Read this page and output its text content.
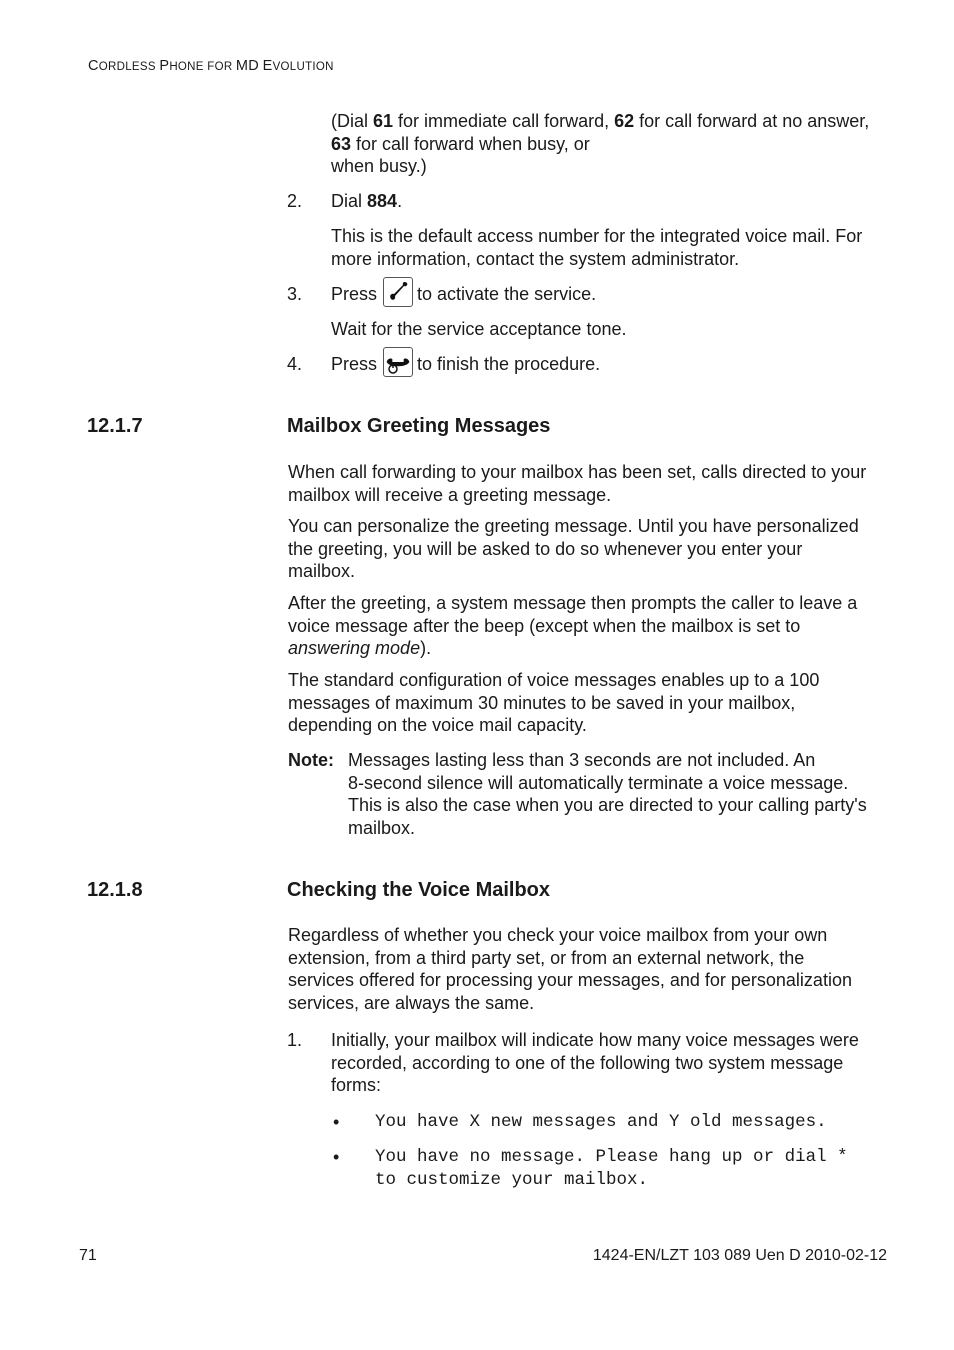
CORDLESS PHONE FOR MD EVOLUTION
(Dial 61 for immediate call forward, 62 for call forward at no answer,
63 for call forward when busy, or
when busy.)
2. Dial 884.
This is the default access number for the integrated voice mail. For
more information, contact the system administrator.
3. Press to activate the service.
Wait for the service acceptance tone.
4. Press to finish the procedure.
12.1.7	Mailbox Greeting Messages
When call forwarding to your mailbox has been set, calls directed to your
mailbox will receive a greeting message.
You can personalize the greeting message. Until you have personalized
the greeting, you will be asked to do so whenever you enter your
mailbox.
After the greeting, a system message then prompts the caller to leave a
voice message after the beep (except when the mailbox is set to
answering mode).
The standard configuration of voice messages enables up to a 100
messages of maximum 30 minutes to be saved in your mailbox,
depending on the voice mail capacity.
Note: Messages lasting less than 3 seconds are not included. An
8-second silence will automatically terminate a voice message.
This is also the case when you are directed to your calling party's
mailbox.
12.1.8	Checking the Voice Mailbox
Regardless of whether you check your voice mailbox from your own
extension, from a third party set, or from an external network, the
services offered for processing your messages, and for personalization
services, are always the same.
1. Initially, your mailbox will indicate how many voice messages were
recorded, according to one of the following two system message
forms:
• You have X new messages and Y old messages.
• You have no message. Please hang up or dial *
to customize your mailbox.
71	1424-EN/LZT 103 089 Uen D 2010-02-12
